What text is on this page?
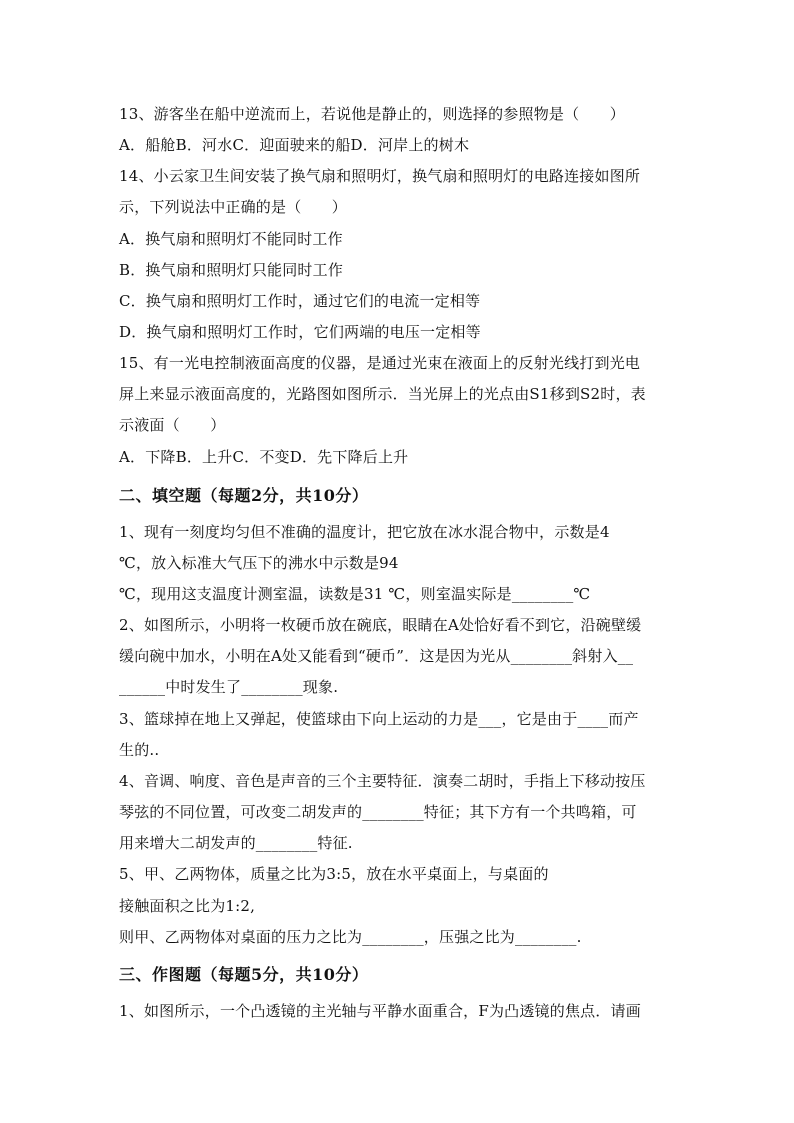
13、游客坐在船中逆流而上，若说他是静止的，则选择的参照物是（　　）
A．船舱B．河水C．迎面驶来的船D．河岸上的树木
14、小云家卫生间安装了换气扇和照明灯，换气扇和照明灯的电路连接如图所
示，下列说法中正确的是（　　）
A．换气扇和照明灯不能同时工作
B．换气扇和照明灯只能同时工作
C．换气扇和照明灯工作时，通过它们的电流一定相等
D．换气扇和照明灯工作时，它们两端的电压一定相等
15、有一光电控制液面高度的仪器，是通过光束在液面上的反射光线打到光电
屏上来显示液面高度的，光路图如图所示．当光屏上的光点由S1移到S2时，表
示液面（　　）
A．下降B．上升C．不变D．先下降后上升
二、填空题（每题2分，共10分）
1、现有一刻度均匀但不准确的温度计，把它放在冰水混合物中，示数是4
℃，放入标准大气压下的沸水中示数是94
℃，现用这支温度计测室温，读数是31 ℃，则室温实际是________℃
2、如图所示，小明将一枚硬币放在碗底，眼睛在A处恰好看不到它，沿碗壁缓
缓向碗中加水，小明在A处又能看到“硬币”．这是因为光从________斜射入__
______中时发生了________现象.
3、篮球掉在地上又弹起，使篮球由下向上运动的力是___，它是由于____而产
生的..
4、音调、响度、音色是声音的三个主要特征．演奏二胡时，手指上下移动按压
琴弦的不同位置，可改变二胡发声的________特征；其下方有一个共鸣箱，可
用来增大二胡发声的________特征.
5、甲、乙两物体，质量之比为3:5，放在水平桌面上，与桌面的
接触面积之比为1:2,
则甲、乙两物体对桌面的压力之比为________，压强之比为________.
三、作图题（每题5分，共10分）
1、如图所示，一个凸透镜的主光轴与平静水面重合，F为凸透镜的焦点．请画
